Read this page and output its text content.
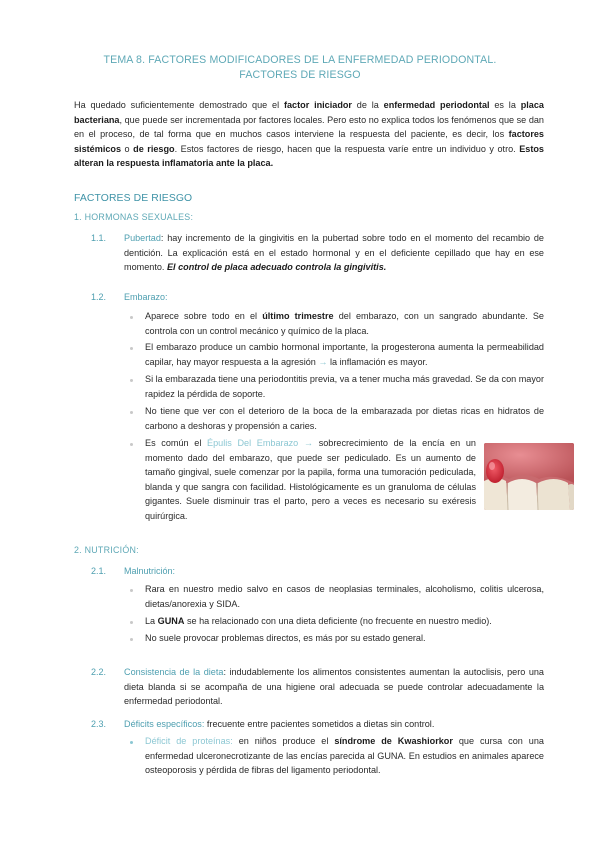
TEMA 8. FACTORES MODIFICADORES DE LA ENFERMEDAD PERIODONTAL.
FACTORES DE RIESGO

Ha quedado suficientemente demostrado que el factor iniciador de la enfermedad periodontal es la placa bacteriana, que puede ser incrementada por factores locales. Pero esto no explica todos los fenómenos que se dan en el proceso, de tal forma que en muchos casos interviene la respuesta del paciente, es decir, los factores sistémicos o de riesgo. Estos factores de riesgo, hacen que la respuesta varíe entre un individuo y otro. Estos alteran la respuesta inflamatoria ante la placa.

FACTORES DE RIESGO
1. HORMONAS SEXUALES:
1.1. Pubertad: hay incremento de la gingivitis en la pubertad sobre todo en el momento del recambio de dentición. La explicación está en el estado hormonal y en el deficiente cepillado que hay en ese momento. El control de placa adecuado controla la gingivitis.

1.2. Embarazo:

Aparece sobre todo en el último trimestre del embarazo, con un sangrado abundante. Se controla con un control mecánico y químico de la placa.

El embarazo produce un cambio hormonal importante, la progesterona aumenta la permeabilidad capilar, hay mayor respuesta a la agresión → la inflamación es mayor.

Si la embarazada tiene una periodontitis previa, va a tener mucha más gravedad. Se da con mayor rapidez la pérdida de soporte.

No tiene que ver con el deterioro de la boca de la embarazada por dietas ricas en hidratos de carbono a deshoras y propensión a caries.

Es común el Épulis Del Embarazo → sobrecrecimiento de la encía en un momento dado del embarazo, que puede ser pediculado. Es un aumento de tamaño gingival, suele comenzar por la papila, forma una tumoración pediculada, blanda y que sangra con facilidad. Histológicamente es un granuloma de células gigantes. Suele disminuir tras el parto, pero a veces es necesario su exéresis quirúrgica.

2. NUTRICIÓN:
2.1. Malnutrición:

Rara en nuestro medio salvo en casos de neoplasias terminales, alcoholismo, colitis ulcerosa, dietas/anorexia y SIDA.

La GUNA se ha relacionado con una dieta deficiente (no frecuente en nuestro medio).

No suele provocar problemas directos, es más por su estado general.

2.2. Consistencia de la dieta: indudablemente los alimentos consistentes aumentan la autoclisis, pero una dieta blanda si se acompaña de una higiene oral adecuada se puede controlar adecuadamente la enfermedad periodontal.

2.3. Déficits específicos: frecuente entre pacientes sometidos a dietas sin control.

Déficit de proteínas: en niños produce el síndrome de Kwashiorkor que cursa con una enfermedad ulceronecrotizante de las encías parecida al GUNA. En estudios en animales aparece osteoporosis y pérdida de fibras del ligamento periodontal.
